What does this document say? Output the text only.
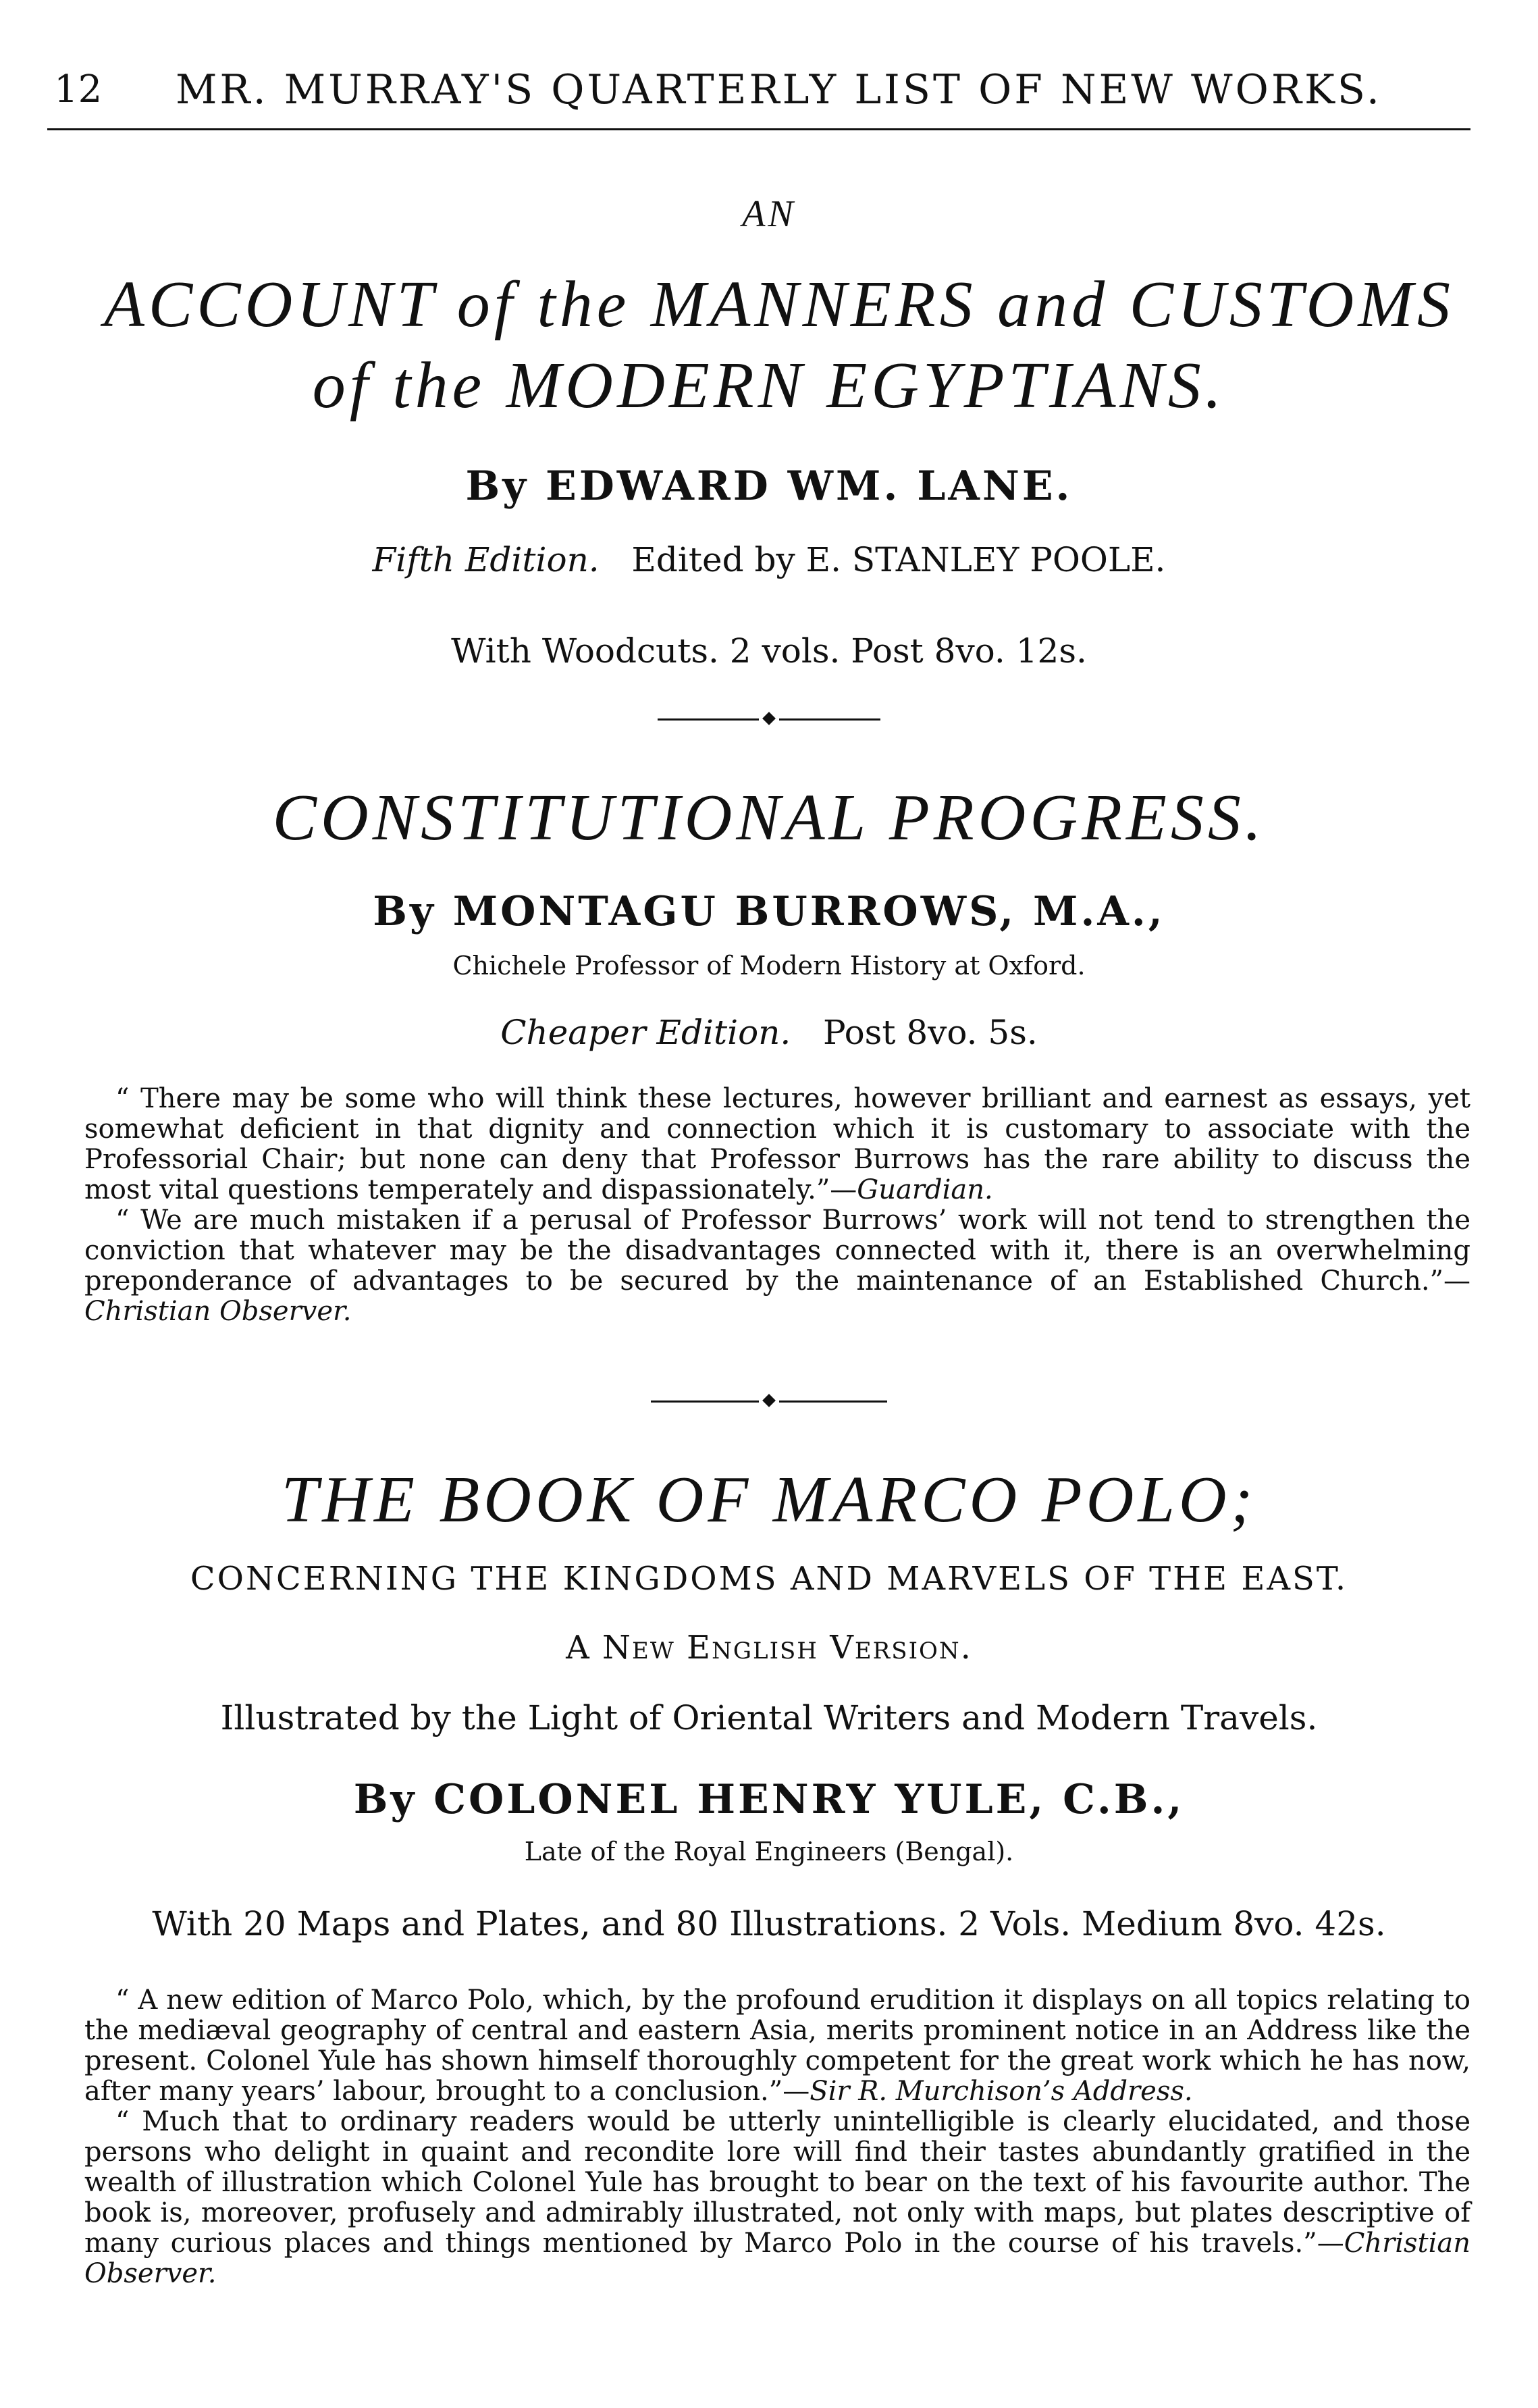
12 MR. MURRAY'S QUARTERLY LIST OF NEW WORKS.
AN
ACCOUNT of the MANNERS and CUSTOMS
of the MODERN EGYPTIANS.
By EDWARD WM. LANE.
Fifth Edition. Edited by E. STANLEY POOLE.
With Woodcuts. 2 vols. Post 8vo. 12s.
CONSTITUTIONAL PROGRESS.
By MONTAGU BURROWS, M.A.,
Chichele Professor of Modern History at Oxford.
Cheaper Edition. Post 8vo. 5s.

“ There may be some who will think these lectures, however brilliant and earnest as essays, yet somewhat deficient in that dignity and connection which it is customary to associate with the Professorial Chair; but none can deny that Professor Burrows has the rare ability to discuss the most vital questions temperately and dispassionately.”—Guardian.

“ We are much mistaken if a perusal of Professor Burrows’ work will not tend to strengthen the conviction that whatever may be the disadvantages connected with it, there is an overwhelming preponderance of advantages to be secured by the maintenance of an Established Church.”—Christian Observer.

THE BOOK OF MARCO POLO;
CONCERNING THE KINGDOMS AND MARVELS OF THE EAST.
A New English Version.
Illustrated by the Light of Oriental Writers and Modern Travels.
By COLONEL HENRY YULE, C.B.,
Late of the Royal Engineers (Bengal).
With 20 Maps and Plates, and 80 Illustrations. 2 Vols. Medium 8vo. 42s.

“ A new edition of Marco Polo, which, by the profound erudition it displays on all topics relating to the mediæval geography of central and eastern Asia, merits prominent notice in an Address like the present. Colonel Yule has shown himself thoroughly competent for the great work which he has now, after many years’ labour, brought to a conclusion.”—Sir R. Murchison’s Address.

“ Much that to ordinary readers would be utterly unintelligible is clearly elucidated, and those persons who delight in quaint and recondite lore will find their tastes abundantly gratified in the wealth of illustration which Colonel Yule has brought to bear on the text of his favourite author. The book is, moreover, profusely and admirably illustrated, not only with maps, but plates descriptive of many curious places and things mentioned by Marco Polo in the course of his travels.”—Christian Observer.
